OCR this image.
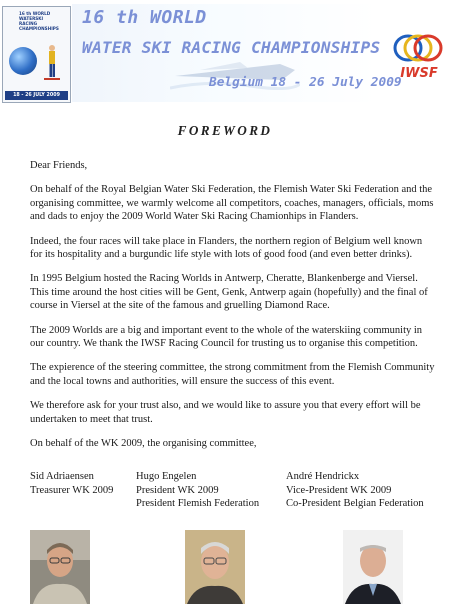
16 th WORLD
WATERSKI
RACING
CHAMPIONSHIPS
18 - 26 JULY 2009
16 th WORLD
WATER SKI RACING CHAMPIONSHIPS
Belgium 18 - 26 July 2009
IWSF
FOREWORD

Dear Friends,

On behalf of the Royal Belgian Water Ski Federation, the Flemish Water Ski Federation and the organising committee, we warmly welcome all competitors, coaches, managers, officials, moms and dads to enjoy the 2009 World Water Ski Racing Chamionhips in Flanders.

Indeed, the four races will take place in Flanders, the northern region of Belgium well known for its hospitality and a burgundic life style with lots of good food (and even better drinks).

In 1995 Belgium hosted the Racing Worlds in Antwerp, Cheratte, Blankenberge and Viersel. This time around the host cities will be Gent, Genk, Antwerp again (hopefully) and the final of course in Viersel at the site of the famous and gruelling Diamond Race.

The 2009 Worlds are a big and important event to the whole of the waterskiing community in our country. We thank the IWSF Racing Council for trusting us to organise this competition.

The expierence of the steering committee, the strong commitment from the Flemish Community and the local towns and authorities, will ensure the success of this event.

We therefore ask for your trust also, and we would like to assure you that every effort will be undertaken to meet that trust.

On behalf of the WK 2009, the organising committee,

Sid Adriaensen
Treasurer WK 2009
Hugo Engelen
President WK 2009
President Flemish Federation
André Hendrickx
Vice-President WK 2009
Co-President Belgian Federation
